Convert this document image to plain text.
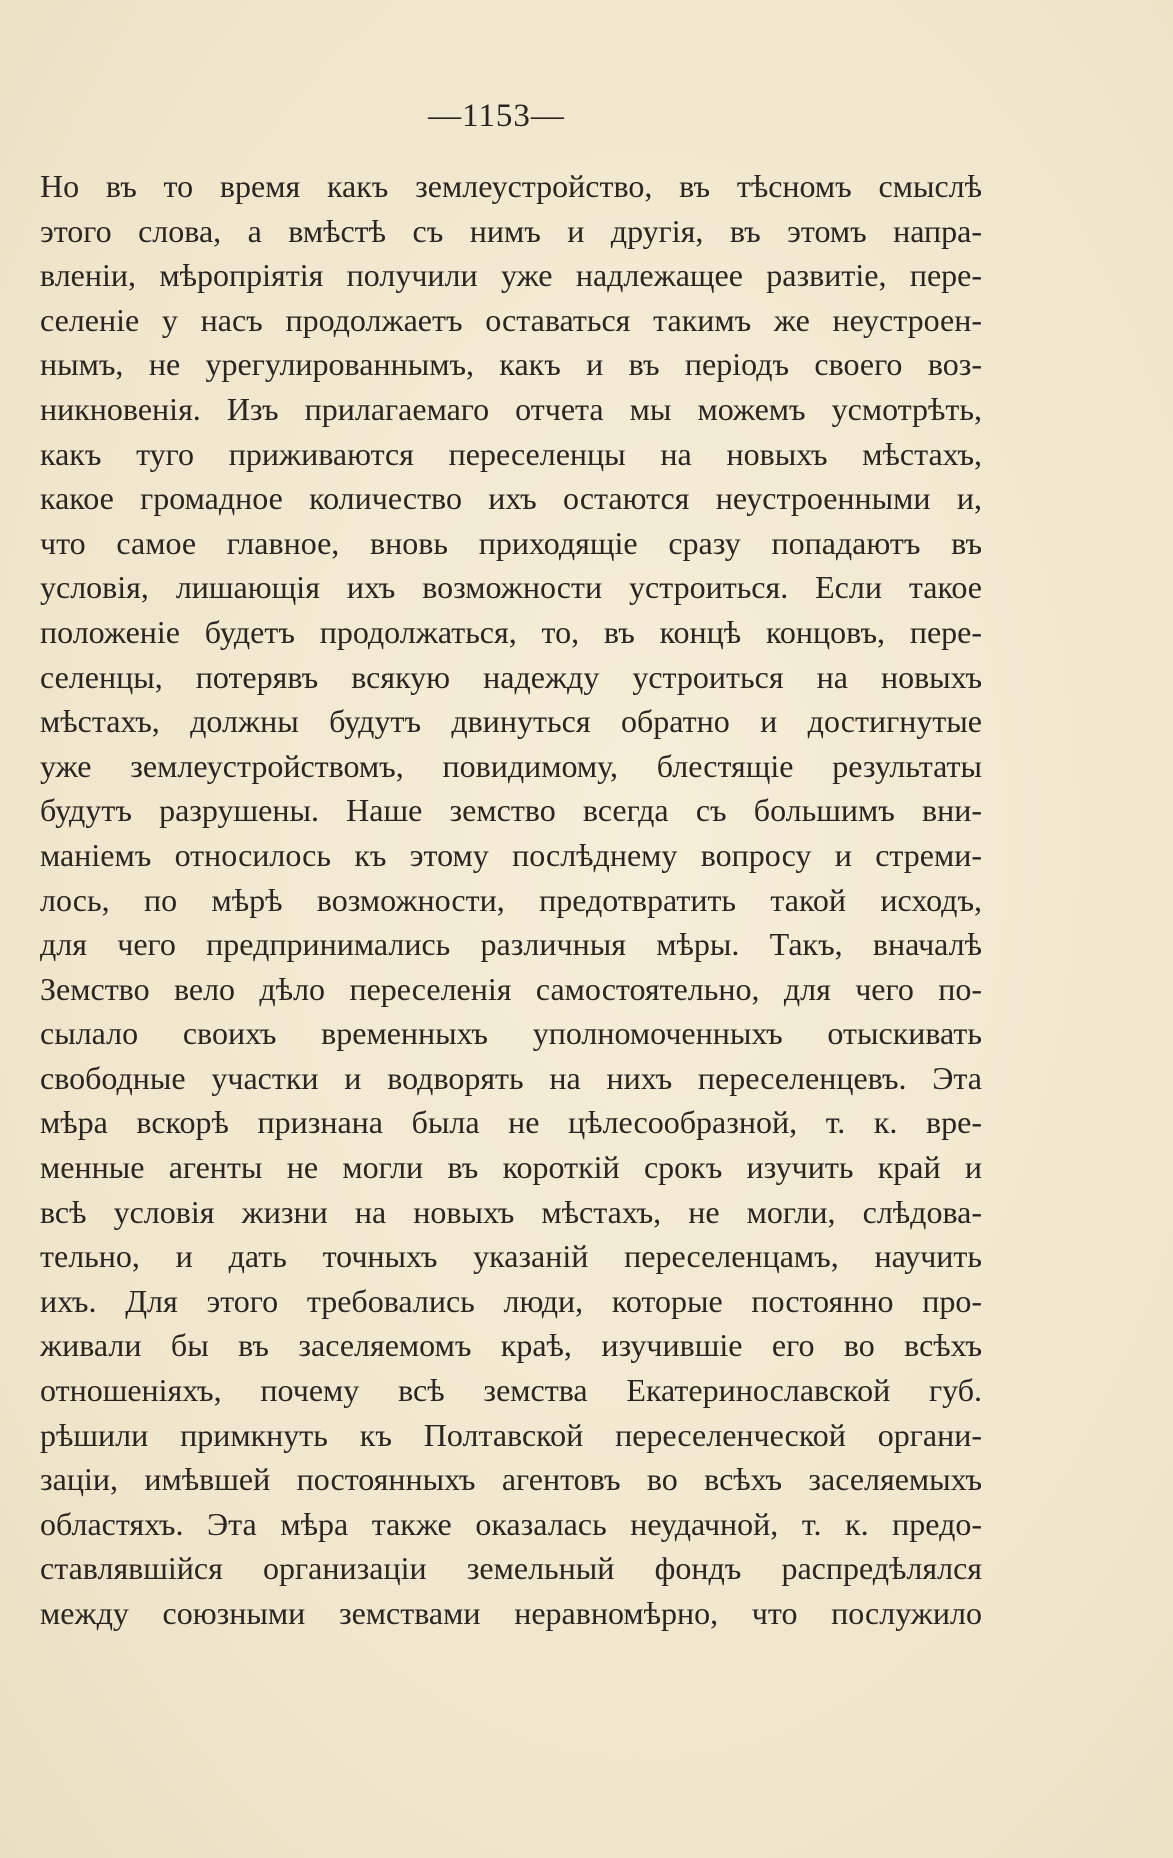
—1153—
Но въ то время какъ землеустройство, въ тѣсномъ смыслѣ
этого слова, а вмѣстѣ съ нимъ и другія, въ этомъ напра-
вленіи, мѣропріятія получили уже надлежащее развитіе, пере-
селеніе у насъ продолжаетъ оставаться такимъ же неустроен-
нымъ, не урегулированнымъ, какъ и въ періодъ своего воз-
никновенія. Изъ прилагаемаго отчета мы можемъ усмотрѣть,
какъ туго приживаются переселенцы на новыхъ мѣстахъ,
какое громадное количество ихъ остаются неустроенными и,
что самое главное, вновь приходящіе сразу попадаютъ въ
условія, лишающія ихъ возможности устроиться. Если такое
положеніе будетъ продолжаться, то, въ концѣ концовъ, пере-
селенцы, потерявъ всякую надежду устроиться на новыхъ
мѣстахъ, должны будутъ двинуться обратно и достигнутые
уже землеустройствомъ, повидимому, блестящіе результаты
будутъ разрушены. Наше земство всегда съ большимъ вни-
маніемъ относилось къ этому послѣднему вопросу и стреми-
лось, по мѣрѣ возможности, предотвратить такой исходъ,
для чего предпринимались различныя мѣры. Такъ, вначалѣ
Земство вело дѣло переселенія самостоятельно, для чего по-
сылало своихъ временныхъ уполномоченныхъ отыскивать
свободные участки и водворять на нихъ переселенцевъ. Эта
мѣра вскорѣ признана была не цѣлесообразной, т. к. вре-
менные агенты не могли въ короткій срокъ изучить край и
всѣ условія жизни на новыхъ мѣстахъ, не могли, слѣдова-
тельно, и дать точныхъ указаній переселенцамъ, научить
ихъ. Для этого требовались люди, которые постоянно про-
живали бы въ заселяемомъ краѣ, изучившіе его во всѣхъ
отношеніяхъ, почему всѣ земства Екатеринославской губ.
рѣшили примкнуть къ Полтавской переселенческой органи-
заціи, имѣвшей постоянныхъ агентовъ во всѣхъ заселяемыхъ
областяхъ. Эта мѣра также оказалась неудачной, т. к. предо-
ставлявшійся организаціи земельный фондъ распредѣлялся
между союзными земствами неравномѣрно, что послужило
